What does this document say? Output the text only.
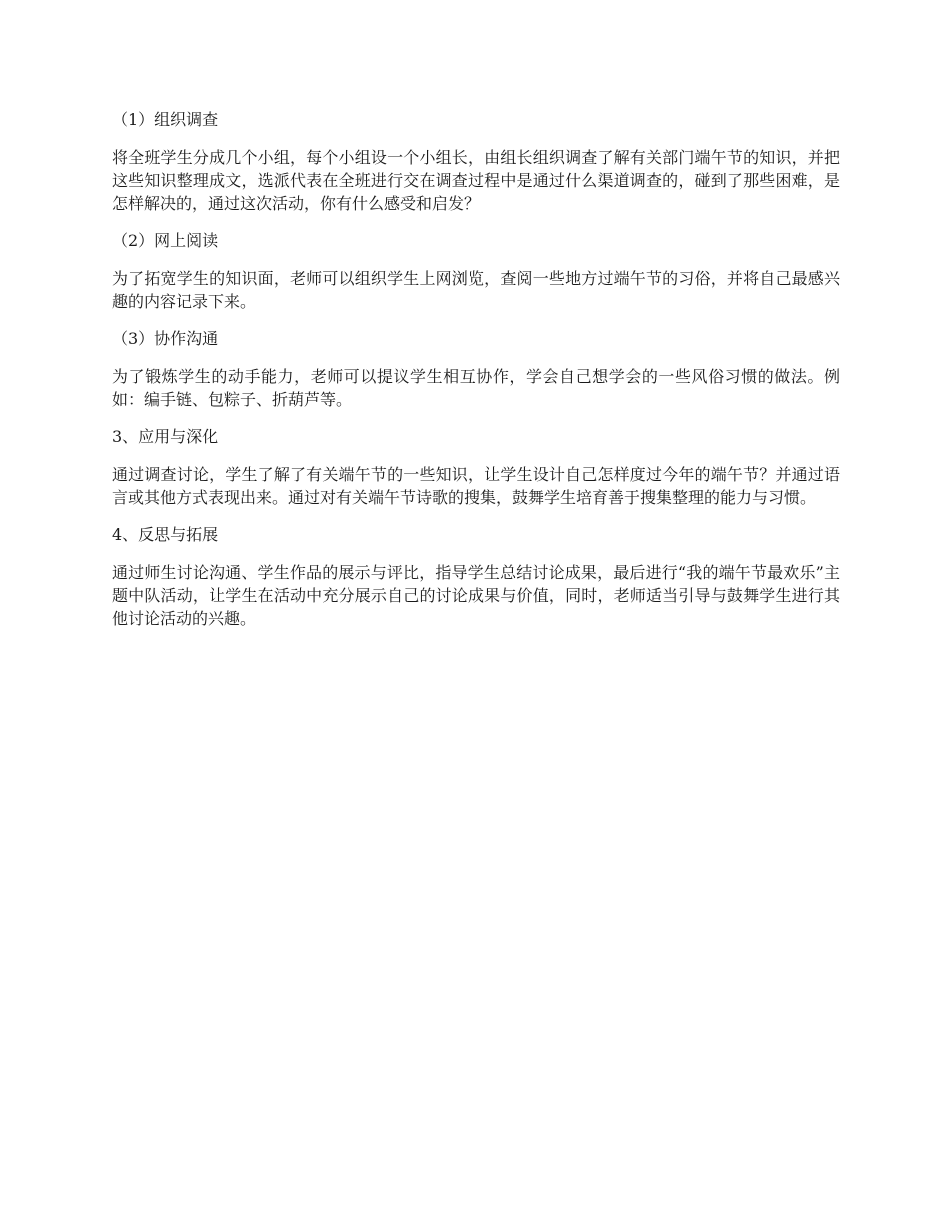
（1）组织调查
将全班学生分成几个小组，每个小组设一个小组长，由组长组织调查了解有关部门端午节的知识，并把这些知识整理成文，选派代表在全班进行交在调查过程中是通过什么渠道调查的，碰到了那些困难，是怎样解决的，通过这次活动，你有什么感受和启发？
（2）网上阅读
为了拓宽学生的知识面，老师可以组织学生上网浏览，查阅一些地方过端午节的习俗，并将自己最感兴趣的内容记录下来。
（3）协作沟通
为了锻炼学生的动手能力，老师可以提议学生相互协作，学会自己想学会的一些风俗习惯的做法。例如：编手链、包粽子、折葫芦等。
3、应用与深化
通过调查讨论，学生了解了有关端午节的一些知识，让学生设计自己怎样度过今年的端午节？并通过语言或其他方式表现出来。通过对有关端午节诗歌的搜集，鼓舞学生培育善于搜集整理的能力与习惯。
4、反思与拓展
通过师生讨论沟通、学生作品的展示与评比，指导学生总结讨论成果，最后进行“我的端午节最欢乐”主题中队活动，让学生在活动中充分展示自己的讨论成果与价值，同时，老师适当引导与鼓舞学生进行其他讨论活动的兴趣。
